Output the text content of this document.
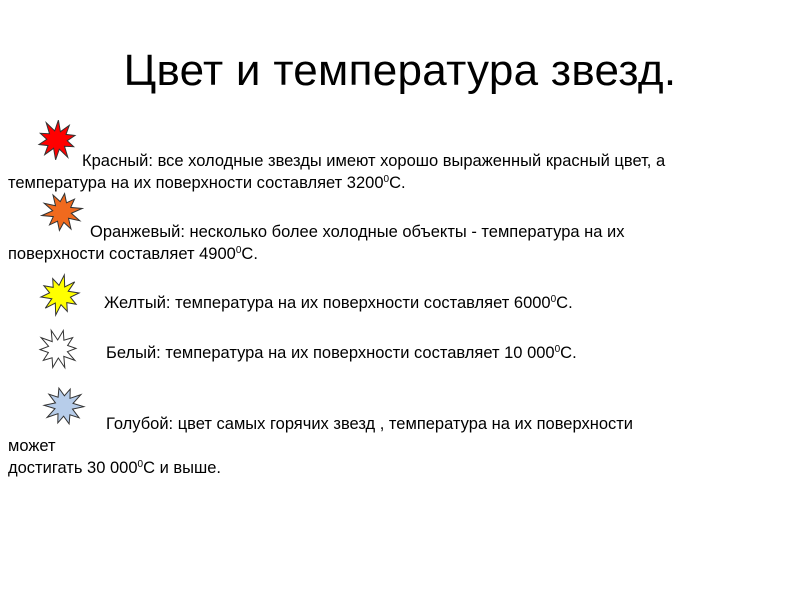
Цвет и температура звезд.
Красный: все холодные звезды имеют хорошо выраженный красный цвет, а
температура на их поверхности составляет 3200$^0$С.
Оранжевый: несколько более холодные объекты - температура на их
поверхности составляет 4900$^0$С.
Желтый: температура на их поверхности составляет 6000$^0$С.
Белый: температура на их поверхности составляет 10 $000^0С$.
Голубой: цвет самых горячих звезд , температура на их поверхности
может
достигать 30 $000^0С$ и выше.
